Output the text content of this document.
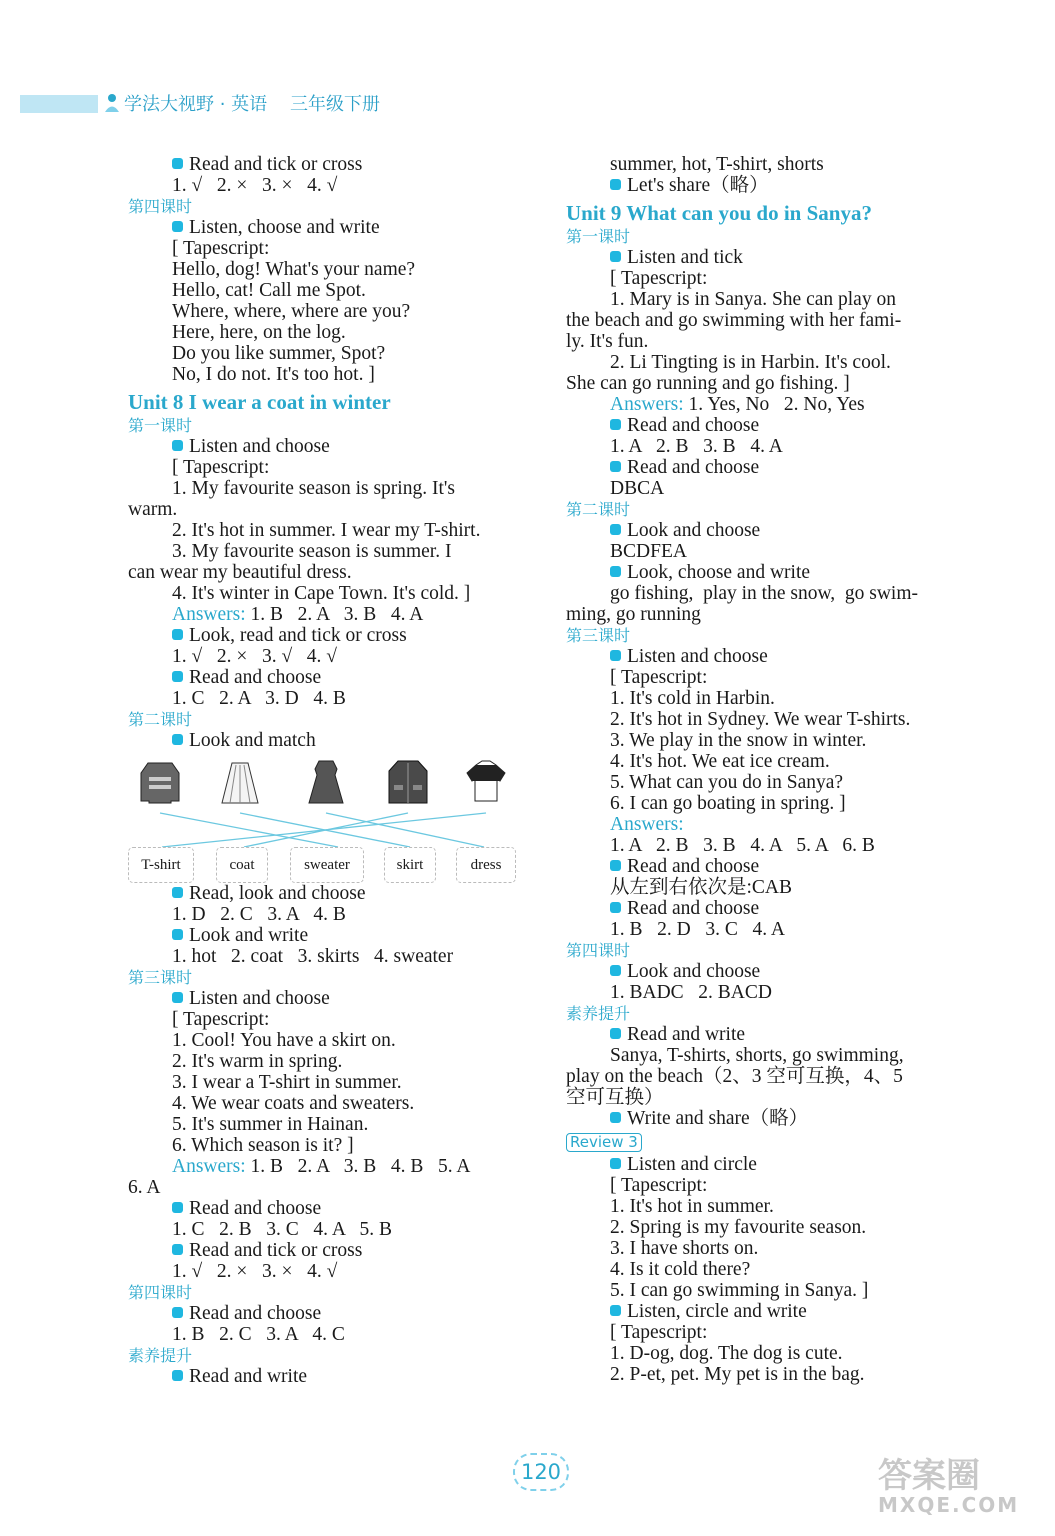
学法大视野 · 英语    三年级下册
Read and tick or cross
1. √   2. ×   3. ×   4. √
第四课时
Listen, choose and write
[ Tapescript:
Hello, dog! What's your name?
Hello, cat! Call me Spot.
Where, where, where are you?
Here, here, on the log.
Do you like summer, Spot?
No, I do not. It's too hot. ]
Unit 8 I wear a coat in winter
第一课时
Listen and choose
[ Tapescript:
1. My favourite season is spring. It's
warm.
2. It's hot in summer. I wear my T-shirt.
3. My favourite season is summer. I
can wear my beautiful dress.
4. It's winter in Cape Town. It's cold. ]
Answers: 1. B   2. A   3. B   4. A
Look, read and tick or cross
1. √   2. ×   3. √   4. √
Read and choose
1. C   2. A   3. D   4. B
第二课时
Look and match
T-shirt	coat	sweater	skirt	dress
Read, look and choose
1. D   2. C   3. A   4. B
Look and write
1. hot   2. coat   3. skirts   4. sweater
第三课时
Listen and choose
[ Tapescript:
1. Cool! You have a skirt on.
2. It's warm in spring.
3. I wear a T-shirt in summer.
4. We wear coats and sweaters.
5. It's summer in Hainan.
6. Which season is it? ]
Answers: 1. B   2. A   3. B   4. B   5. A
6. A
Read and choose
1. C   2. B   3. C   4. A   5. B
Read and tick or cross
1. √   2. ×   3. ×   4. √
第四课时
Read and choose
1. B   2. C   3. A   4. C
素养提升
Read and write
summer, hot, T-shirt, shorts
Let's share（略）
Unit 9 What can you do in Sanya?
第一课时
Listen and tick
[ Tapescript:
1. Mary is in Sanya. She can play on
the beach and go swimming with her fami-
ly. It's fun.
2. Li Tingting is in Harbin. It's cool.
She can go running and go fishing. ]
Answers: 1. Yes, No   2. No, Yes
Read and choose
1. A   2. B   3. B   4. A
Read and choose
DBCA
第二课时
Look and choose
BCDFEA
Look, choose and write
go fishing,  play in the snow,  go swim-
ming, go running
第三课时
Listen and choose
[ Tapescript:
1. It's cold in Harbin.
2. It's hot in Sydney. We wear T-shirts.
3. We play in the snow in winter.
4. It's hot. We eat ice cream.
5. What can you do in Sanya?
6. I can go boating in spring. ]
Answers:
1. A   2. B   3. B   4. A   5. A   6. B
Read and choose
从左到右依次是:CAB
Read and choose
1. B   2. D   3. C   4. A
第四课时
Look and choose
1. BADC   2. BACD
素养提升
Read and write
Sanya, T-shirts, shorts, go swimming,
play on the beach（2、3 空可互换，4、5
空可互换）
Write and share（略）
Review 3
Listen and circle
[ Tapescript:
1. It's hot in summer.
2. Spring is my favourite season.
3. I have shorts on.
4. Is it cold there?
5. I can go swimming in Sanya. ]
Listen, circle and write
[ Tapescript:
1. D-og, dog. The dog is cute.
2. P-et, pet. My pet is in the bag.
120	答案圈
MXQE.COM
